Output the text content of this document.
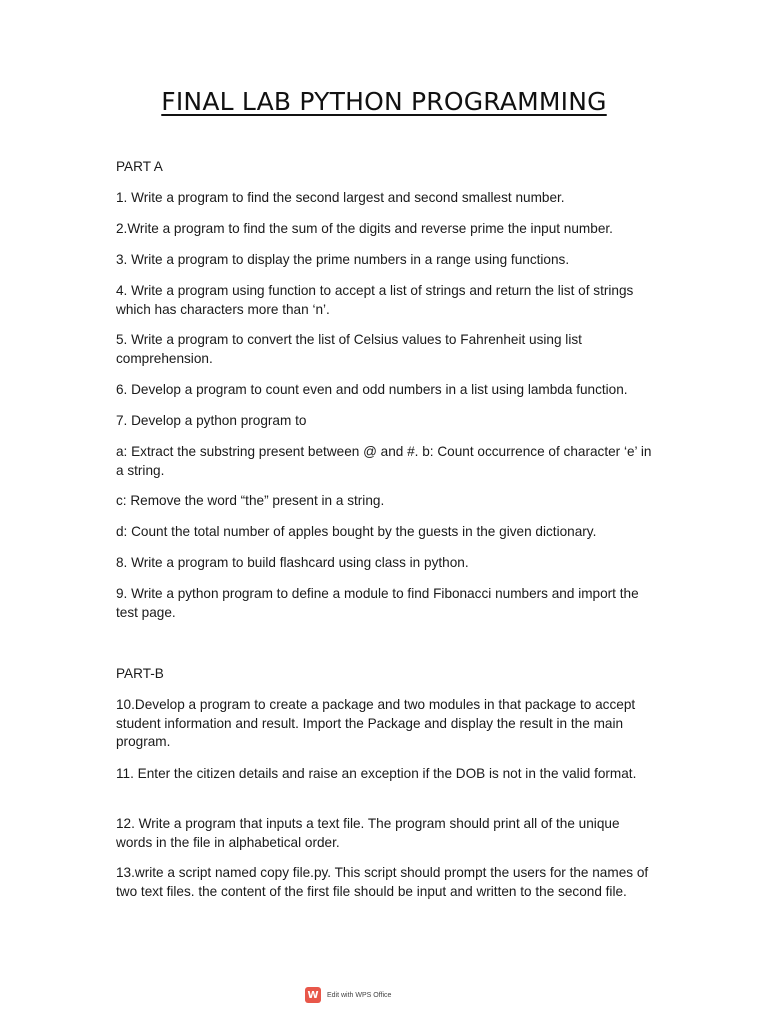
FINAL LAB PYTHON PROGRAMMING
PART A
1. Write a program to find the second largest and second smallest number.
2.Write a program to find the sum of the digits and reverse prime the input number.
3. Write a program to display the prime numbers in a range using functions.
4. Write a program using function to accept a list of strings and return the list of strings which has characters more than ‘n’.
5. Write a program to convert the list of Celsius values to Fahrenheit using list comprehension.
6. Develop a program to count even and odd numbers in a list using lambda function.
7. Develop a python program to
a: Extract the substring present between @ and #. b: Count occurrence of character ‘e’ in a string.
c: Remove the word “the” present in a string.
d: Count the total number of apples bought by the guests in the given dictionary.
8. Write a program to build flashcard using class in python.
9. Write a python program to define a module to find Fibonacci numbers and import the test page.
PART-B
10.Develop a program to create a package and two modules in that package to accept student information and result. Import the Package and display the result in the main program.
11. Enter the citizen details and raise an exception if the DOB is not in the valid format.
12. Write a program that inputs a text file. The program should print all of the unique words in the file in alphabetical order.
13.write a script named copy file.py. This script should prompt the users for the names of two text files. the content of the first file should be input and written to the second file.
W	Edit with WPS Office
